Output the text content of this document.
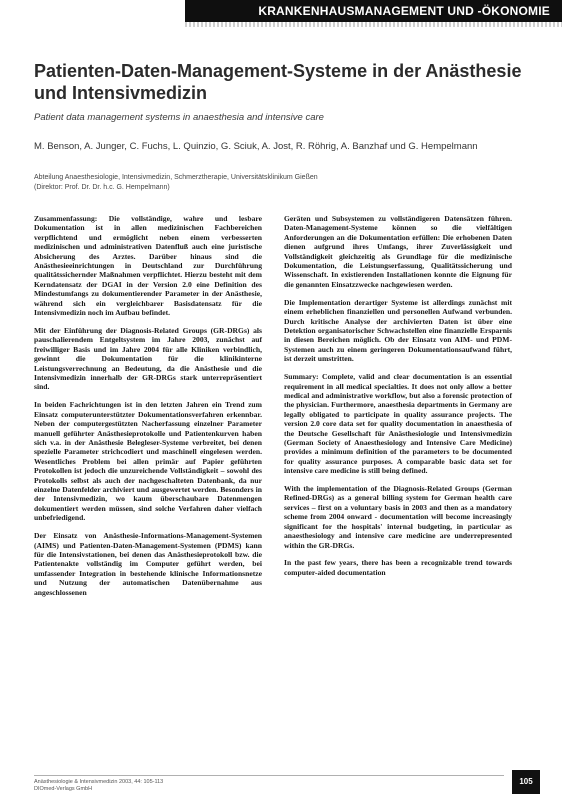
KRANKENHAUSMANAGEMENT UND -ÖKONOMIE
Patienten-Daten-Management-Systeme in der Anästhesie und Intensivmedizin
Patient data management systems in anaesthesia and intensive care
M. Benson, A. Junger, C. Fuchs, L. Quinzio, G. Sciuk, A. Jost, R. Röhrig, A. Banzhaf und G. Hempelmann
Abteilung Anaesthesiologie, Intensivmedizin, Schmerztherapie, Universitätsklinikum Gießen
(Direktor: Prof. Dr. Dr. h.c. G. Hempelmann)

Zusammenfassung: Die vollständige, wahre und lesbare Dokumentation ist in allen medizinischen Fachbereichen verpflichtend und ermöglicht neben einem verbesserten medizinischen und administrativen Datenfluß auch eine juristische Absicherung des Arztes. Darüber hinaus sind die Anästhesieeinrichtungen in Deutschland zur Durchführung qualitätssichernder Maßnahmen verpflichtet. Hierzu besteht mit dem Kerndatensatz der DGAI in der Version 2.0 eine Definition des Mindestumfangs zu dokumentierender Parameter in der Anästhesie, während sich ein vergleichbarer Basisdatensatz für die Intensivmedizin noch im Aufbau befindet.

Mit der Einführung der Diagnosis-Related Groups (GR-DRGs) als pauschalierendem Entgeltsystem im Jahre 2003, zunächst auf freiwilliger Basis und im Jahre 2004 für alle Kliniken verbindlich, gewinnt die Dokumentation für die klinikinterne Leistungsverrechnung an Bedeutung, da die Anästhesie und die Intensivmedizin innerhalb der GR-DRGs stark unterrepräsentiert sind.

In beiden Fachrichtungen ist in den letzten Jahren ein Trend zum Einsatz computerunterstützter Dokumentationsverfahren erkennbar. Neben der computergestützten Nacherfassung einzelner Parameter manuell geführter Anästhesieprotokolle und Patientenkurven haben sich v.a. in der Anästhesie Belegleser-Systeme verbreitet, bei denen spezielle Parameter strichcodiert und maschinell eingelesen werden. Wesentliches Problem bei allen primär auf Papier geführten Protokollen ist jedoch die unzureichende Vollständigkeit – sowohl des Protokolls selbst als auch der nachgeschalteten Datenbank, da nur einzelne Datenfelder archiviert und ausgewertet werden. Besonders in der Intensivmedizin, wo kaum überschaubare Datenmengen dokumentiert werden müssen, sind solche Verfahren daher vielfach unbefriedigend.

Der Einsatz von Anästhesie-Informations-Management-Systemen (AIMS) und Patienten-Daten-Management-Systemen (PDMS) kann für die Intensivstationen, bei denen das Anästhesieprotokoll bzw. die Patientenakte vollständig im Computer geführt werden, bei umfassender Integration in bestehende klinische Informationsnetze und Nutzung der automatischen Datenübernahme aus angeschlossenen

Geräten und Subsystemen zu vollständigeren Datensätzen führen. Daten-Management-Systeme können so die vielfältigen Anforderungen an die Dokumentation erfüllen: Die erhobenen Daten dienen aufgrund ihres Umfangs, ihrer Zuverlässigkeit und Vollständigkeit gleichzeitig als Grundlage für die medizinische Dokumentation, die Leistungserfassung, Qualitätssicherung und Wissenschaft. In existierenden Installationen konnte die Eignung für die genannten Einsatzzwecke nachgewiesen werden.

Die Implementation derartiger Systeme ist allerdings zunächst mit einem erheblichen finanziellen und personellen Aufwand verbunden. Durch kritische Analyse der archivierten Daten ist über eine Detektion organisatorischer Schwachstellen eine finanzielle Ersparnis in diesen Bereichen möglich. Ob der Einsatz von AIM- und PDM-Systemen auch zu einem geringeren Dokumentationsaufwand führt, ist derzeit umstritten.

Summary: Complete, valid and clear documentation is an essential requirement in all medical specialties. It does not only allow a better medical and administrative workflow, but also a forensic protection of the physician. Furthermore, anaesthesia departments in Germany are legally obligated to participate in quality assurance projects. The version 2.0 core data set for quality documentation in anaesthesia of the Deutsche Gesellschaft für Anästhesiologie und Intensivmedizin (German Society of Anaesthesiology and Intensive Care Medicine) provides a minimum definition of the parameters to be documented for quality assurance purposes. A comparable basic data set for intensive care medicine is still being defined.

With the implementation of the Diagnosis-Related Groups (German Refined-DRGs) as a general billing system for German health care services – first on a voluntary basis in 2003 and then as a mandatory scheme from 2004 onward - documentation will become increasingly significant for the hospitals' internal budgeting, in particular as anaesthesiology and intensive care medicine are underrepresented within the GR-DRGs.

In the past few years, there has been a recognizable trend towards computer-aided documentation

Anästhesiologie & Intensivmedizin 2003, 44: 105-113
DIOmed-Verlags GmbH
105
